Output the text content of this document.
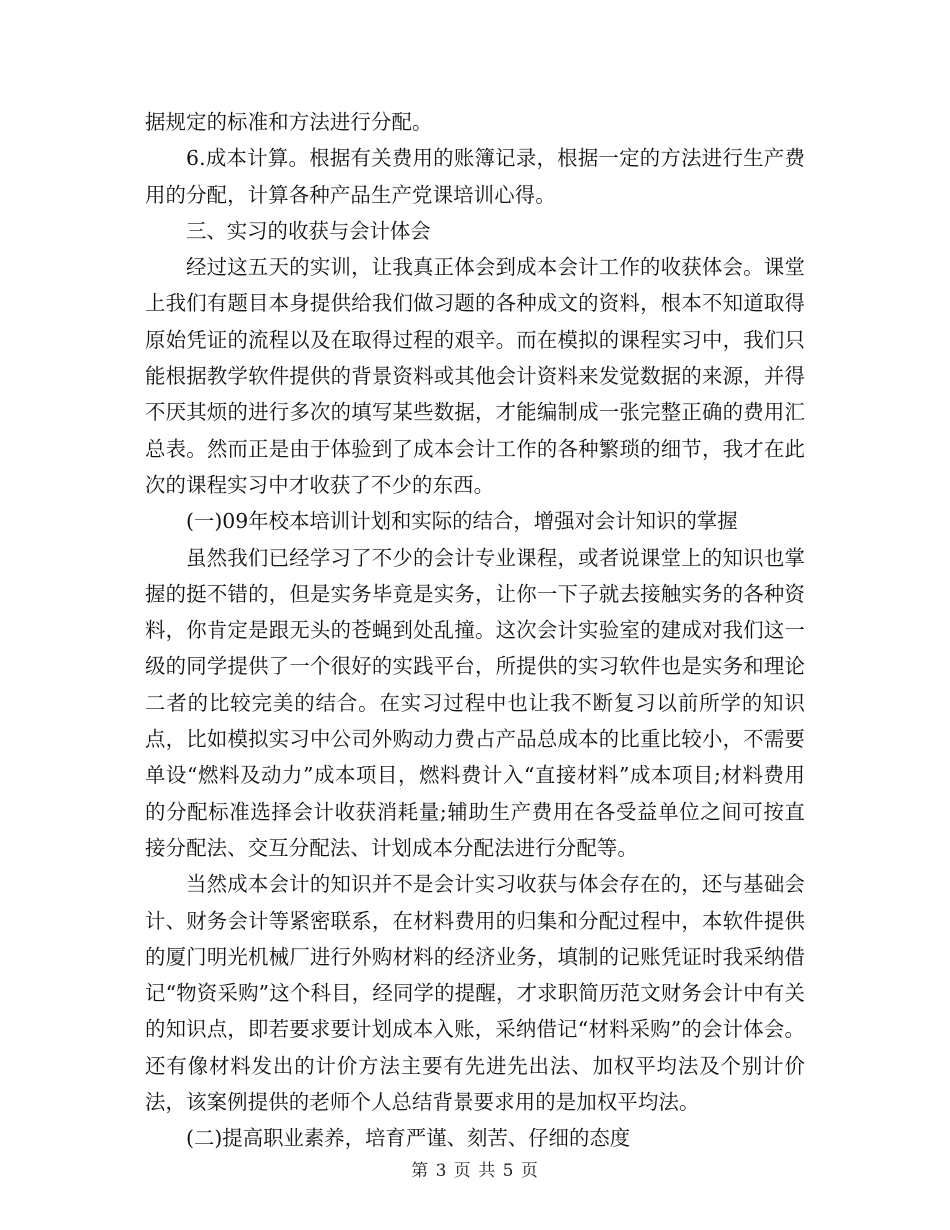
据规定的标准和方法进行分配。

6.成本计算。根据有关费用的账簿记录，根据一定的方法进行生产费用的分配，计算各种产品生产党课培训心得。

三、实习的收获与会计体会

经过这五天的实训，让我真正体会到成本会计工作的收获体会。课堂上我们有题目本身提供给我们做习题的各种成文的资料，根本不知道取得原始凭证的流程以及在取得过程的艰辛。而在模拟的课程实习中，我们只能根据教学软件提供的背景资料或其他会计资料来发觉数据的来源，并得不厌其烦的进行多次的填写某些数据，才能编制成一张完整正确的费用汇总表。然而正是由于体验到了成本会计工作的各种繁琐的细节，我才在此次的课程实习中才收获了不少的东西。

(一)09年校本培训计划和实际的结合，增强对会计知识的掌握

虽然我们已经学习了不少的会计专业课程，或者说课堂上的知识也掌握的挺不错的，但是实务毕竟是实务，让你一下子就去接触实务的各种资料，你肯定是跟无头的苍蝇到处乱撞。这次会计实验室的建成对我们这一级的同学提供了一个很好的实践平台，所提供的实习软件也是实务和理论二者的比较完美的结合。在实习过程中也让我不断复习以前所学的知识点，比如模拟实习中公司外购动力费占产品总成本的比重比较小，不需要单设“燃料及动力”成本项目，燃料费计入“直接材料”成本项目;材料费用的分配标准选择会计收获消耗量;辅助生产费用在各受益单位之间可按直接分配法、交互分配法、计划成本分配法进行分配等。

当然成本会计的知识并不是会计实习收获与体会存在的，还与基础会计、财务会计等紧密联系，在材料费用的归集和分配过程中，本软件提供的厦门明光机械厂进行外购材料的经济业务，填制的记账凭证时我采纳借记“物资采购”这个科目，经同学的提醒，才求职简历范文财务会计中有关的知识点，即若要求要计划成本入账，采纳借记“材料采购”的会计体会。还有像材料发出的计价方法主要有先进先出法、加权平均法及个别计价法，该案例提供的老师个人总结背景要求用的是加权平均法。

(二)提高职业素养，培育严谨、刻苦、仔细的态度

第 3 页 共 5 页
